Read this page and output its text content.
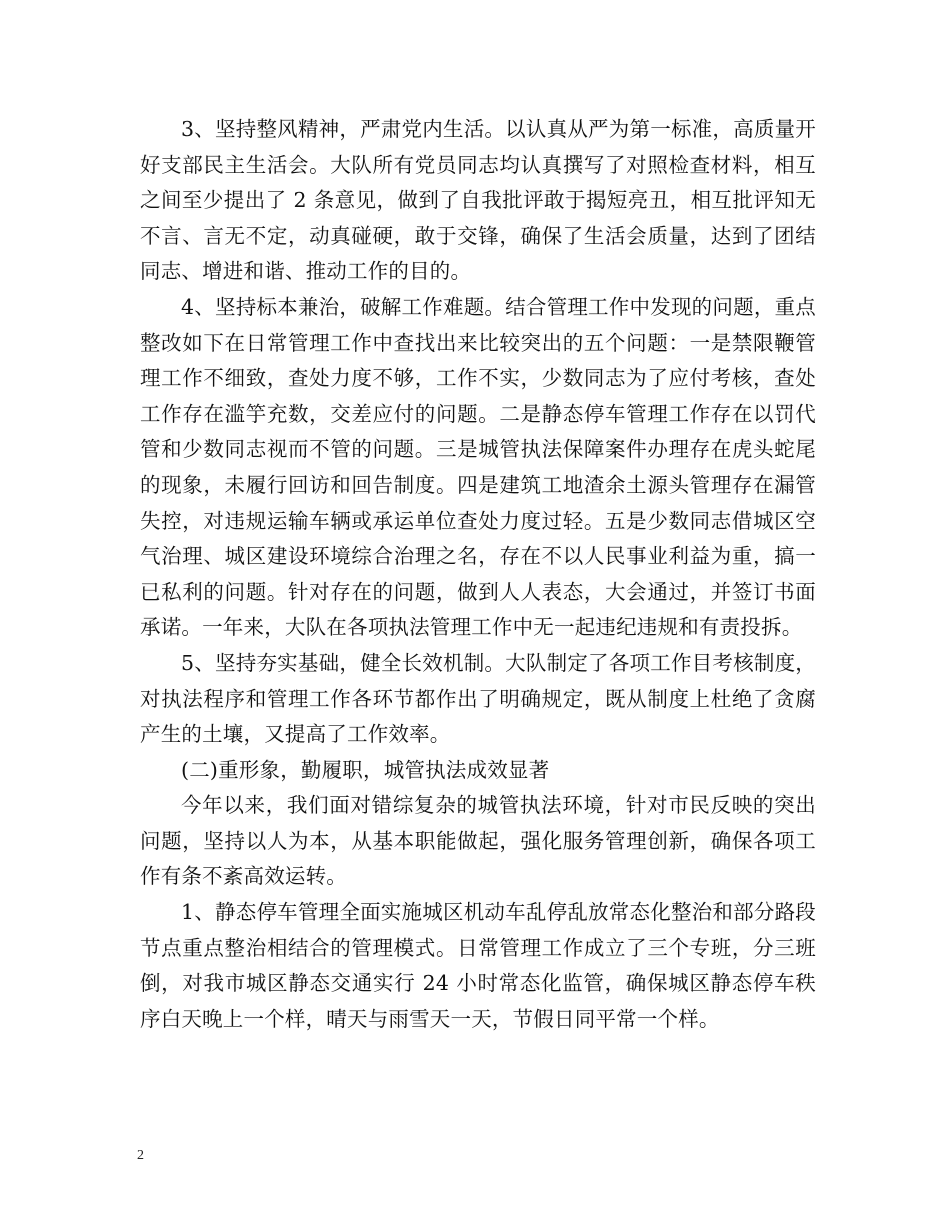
3、坚持整风精神，严肃党内生活。以认真从严为第一标准，高质量开好支部民主生活会。大队所有党员同志均认真撰写了对照检查材料，相互之间至少提出了 2 条意见，做到了自我批评敢于揭短亮丑，相互批评知无不言、言无不定，动真碰硬，敢于交锋，确保了生活会质量，达到了团结同志、增进和谐、推动工作的目的。

4、坚持标本兼治，破解工作难题。结合管理工作中发现的问题，重点整改如下在日常管理工作中查找出来比较突出的五个问题：一是禁限鞭管理工作不细致，查处力度不够，工作不实，少数同志为了应付考核，查处工作存在滥竽充数，交差应付的问题。二是静态停车管理工作存在以罚代管和少数同志视而不管的问题。三是城管执法保障案件办理存在虎头蛇尾的现象，未履行回访和回告制度。四是建筑工地渣余土源头管理存在漏管失控，对违规运输车辆或承运单位查处力度过轻。五是少数同志借城区空气治理、城区建设环境综合治理之名，存在不以人民事业利益为重，搞一已私利的问题。针对存在的问题，做到人人表态，大会通过，并签订书面承诺。一年来，大队在各项执法管理工作中无一起违纪违规和有责投拆。

5、坚持夯实基础，健全长效机制。大队制定了各项工作目考核制度，对执法程序和管理工作各环节都作出了明确规定，既从制度上杜绝了贪腐产生的土壤，又提高了工作效率。

(二)重形象，勤履职，城管执法成效显著

今年以来，我们面对错综复杂的城管执法环境，针对市民反映的突出问题，坚持以人为本，从基本职能做起，强化服务管理创新，确保各项工作有条不紊高效运转。

1、静态停车管理全面实施城区机动车乱停乱放常态化整治和部分路段节点重点整治相结合的管理模式。日常管理工作成立了三个专班，分三班倒，对我市城区静态交通实行 24 小时常态化监管，确保城区静态停车秩序白天晚上一个样，晴天与雨雪天一天，节假日同平常一个样。

2
